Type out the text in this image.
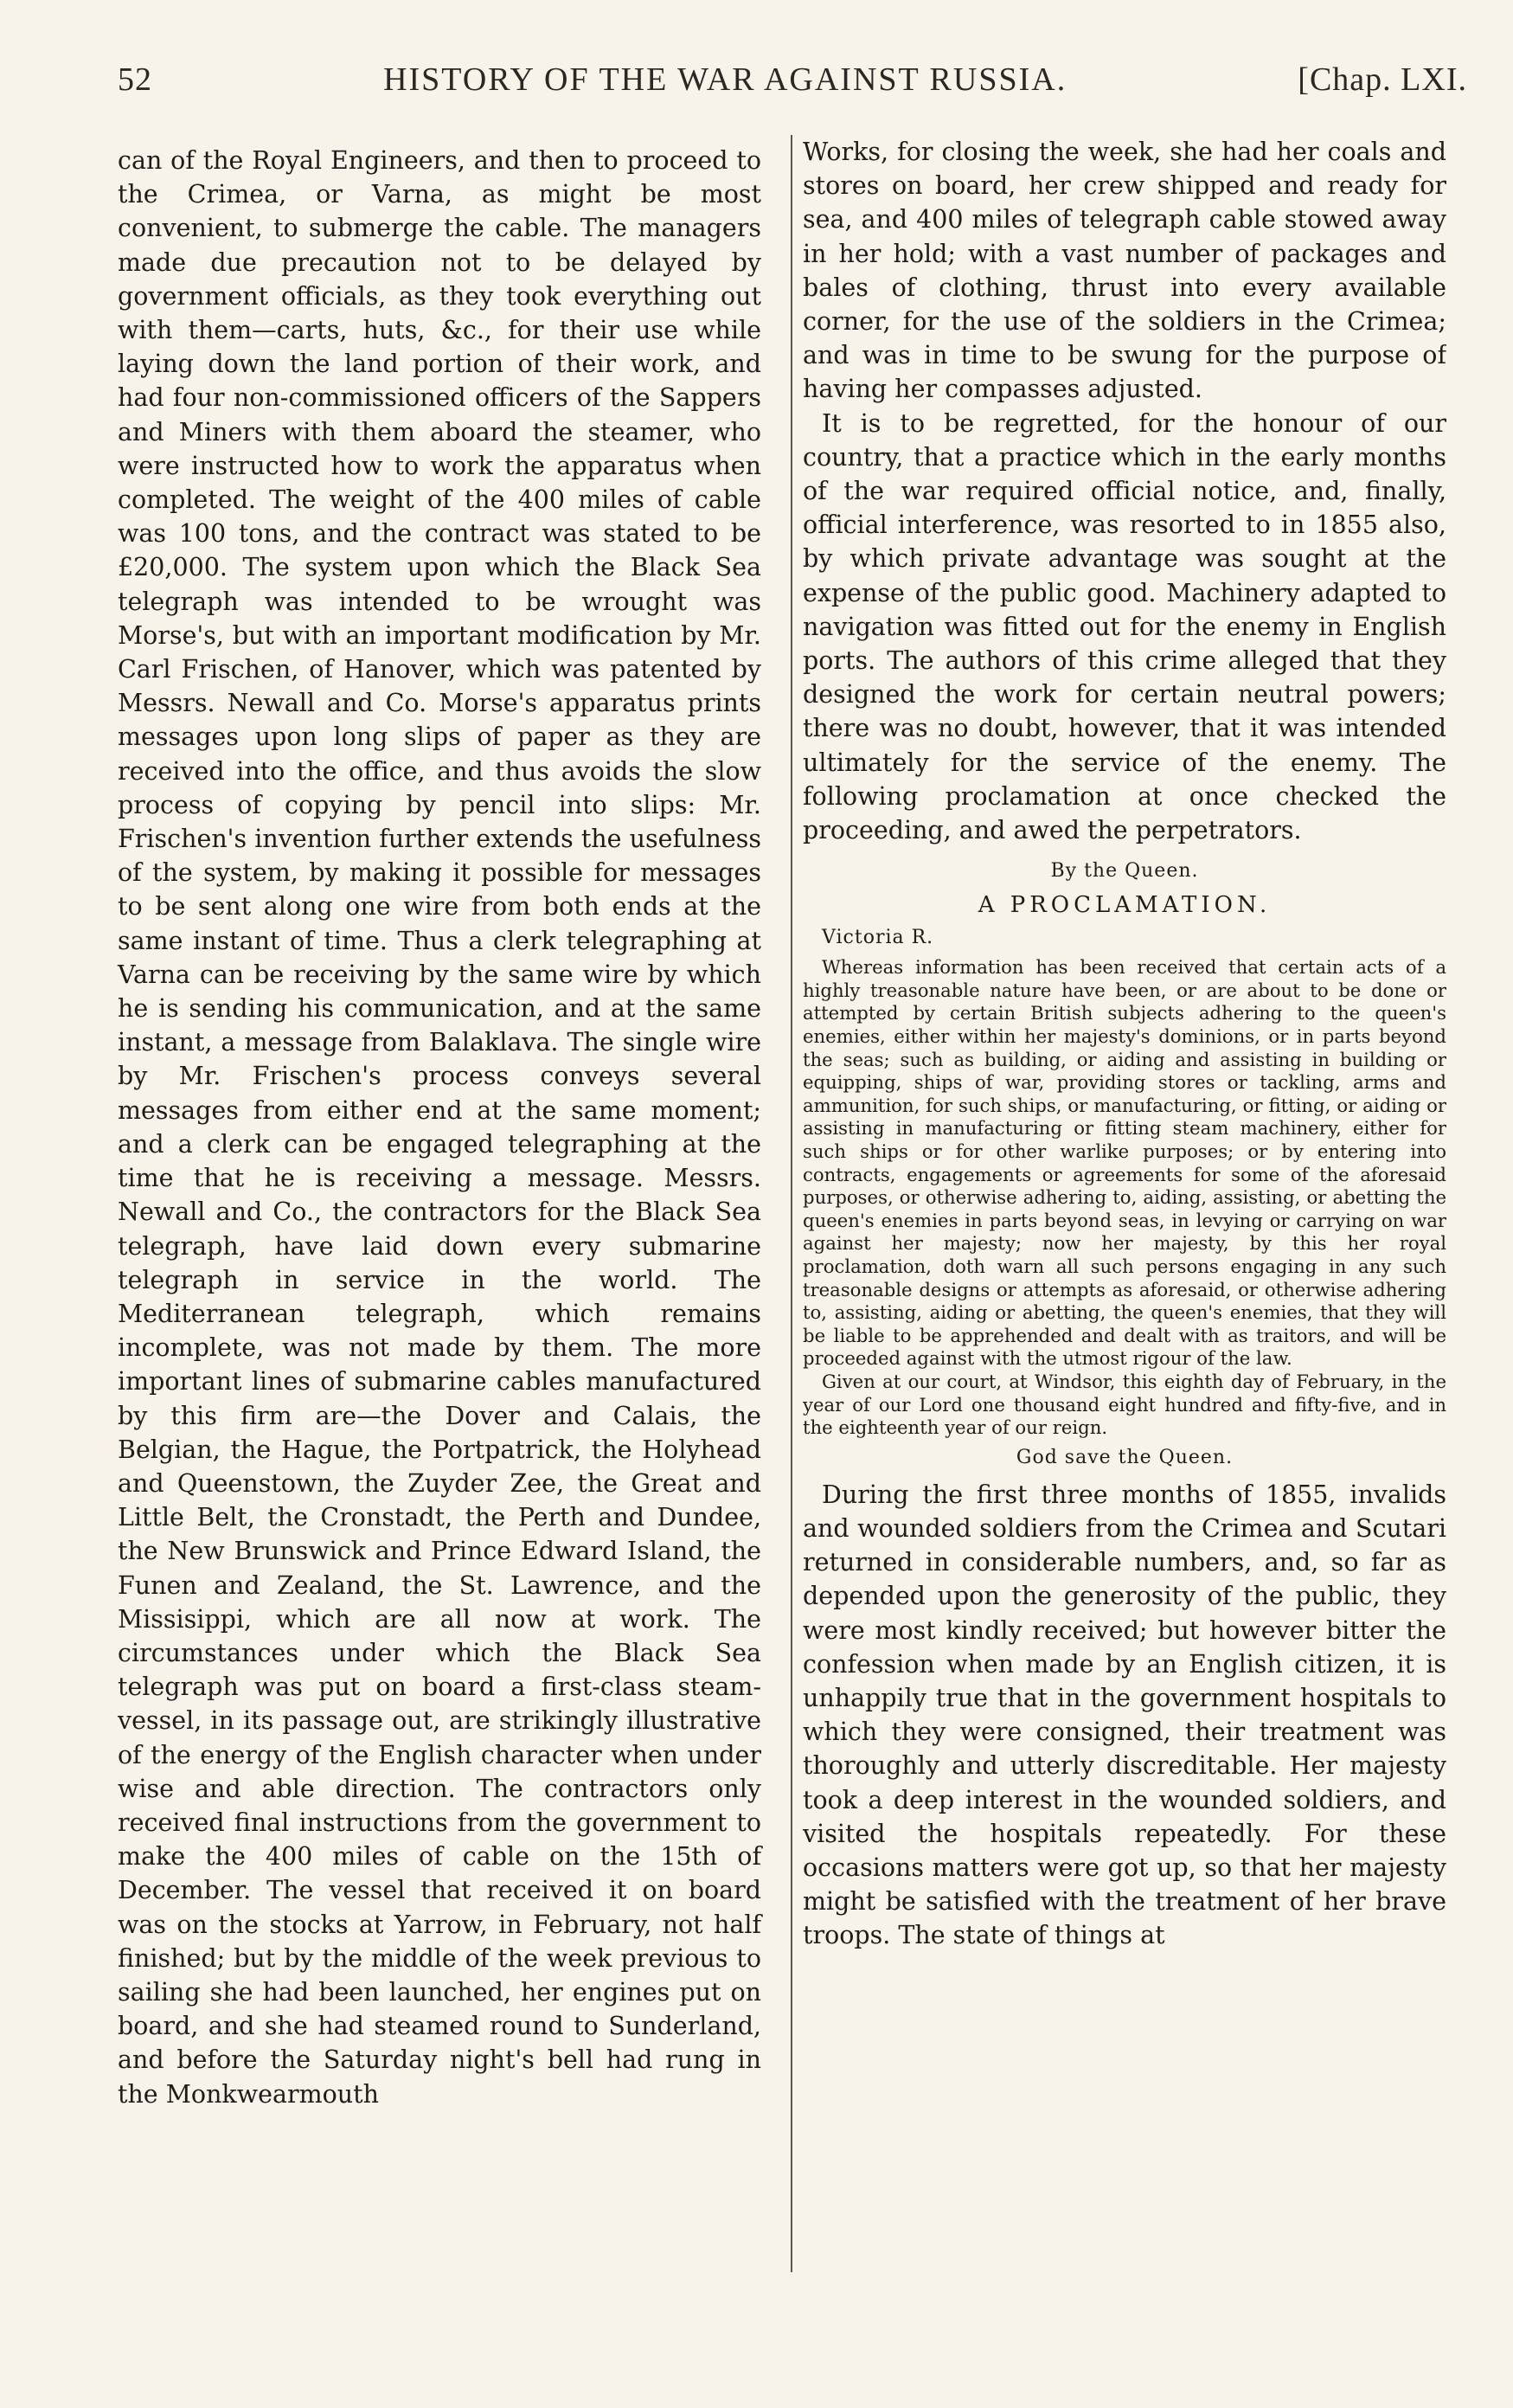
52	HISTORY OF THE WAR AGAINST RUSSIA.	[Chap. LXI.

can of the Royal Engineers, and then to proceed to the Crimea, or Varna, as might be most convenient, to submerge the cable. The managers made due precaution not to be delayed by government officials, as they took everything out with them—carts, huts, &c., for their use while laying down the land portion of their work, and had four non-commissioned officers of the Sappers and Miners with them aboard the steamer, who were instructed how to work the apparatus when completed. The weight of the 400 miles of cable was 100 tons, and the contract was stated to be £20,000. The system upon which the Black Sea telegraph was intended to be wrought was Morse's, but with an important modification by Mr. Carl Frischen, of Hanover, which was patented by Messrs. Newall and Co. Morse's apparatus prints messages upon long slips of paper as they are received into the office, and thus avoids the slow process of copying by pencil into slips: Mr. Frischen's invention further extends the usefulness of the system, by making it possible for messages to be sent along one wire from both ends at the same instant of time. Thus a clerk telegraphing at Varna can be receiving by the same wire by which he is sending his communication, and at the same instant, a message from Balaklava. The single wire by Mr. Frischen's process conveys several messages from either end at the same moment; and a clerk can be engaged telegraphing at the time that he is receiving a message. Messrs. Newall and Co., the contractors for the Black Sea telegraph, have laid down every submarine telegraph in service in the world. The Mediterranean telegraph, which remains incomplete, was not made by them. The more important lines of submarine cables manufactured by this firm are—the Dover and Calais, the Belgian, the Hague, the Portpatrick, the Holyhead and Queenstown, the Zuyder Zee, the Great and Little Belt, the Cronstadt, the Perth and Dundee, the New Brunswick and Prince Edward Island, the Funen and Zealand, the St. Lawrence, and the Missisippi, which are all now at work. The circumstances under which the Black Sea telegraph was put on board a first-class steam-vessel, in its passage out, are strikingly illustrative of the energy of the English character when under wise and able direction. The contractors only received final instructions from the government to make the 400 miles of cable on the 15th of December. The vessel that received it on board was on the stocks at Yarrow, in February, not half finished; but by the middle of the week previous to sailing she had been launched, her engines put on board, and she had steamed round to Sunderland, and before the Saturday night's bell had rung in the Monkwearmouth

Works, for closing the week, she had her coals and stores on board, her crew shipped and ready for sea, and 400 miles of telegraph cable stowed away in her hold; with a vast number of packages and bales of clothing, thrust into every available corner, for the use of the soldiers in the Crimea; and was in time to be swung for the purpose of having her compasses adjusted.

It is to be regretted, for the honour of our country, that a practice which in the early months of the war required official notice, and, finally, official interference, was resorted to in 1855 also, by which private advantage was sought at the expense of the public good. Machinery adapted to navigation was fitted out for the enemy in English ports. The authors of this crime alleged that they designed the work for certain neutral powers; there was no doubt, however, that it was intended ultimately for the service of the enemy. The following proclamation at once checked the proceeding, and awed the perpetrators.

By the Queen.
A PROCLAMATION.
Victoria R.

Whereas information has been received that certain acts of a highly treasonable nature have been, or are about to be done or attempted by certain British subjects adhering to the queen's enemies, either within her majesty's dominions, or in parts beyond the seas; such as building, or aiding and assisting in building or equipping, ships of war, providing stores or tackling, arms and ammunition, for such ships, or manufacturing, or fitting, or aiding or assisting in manufacturing or fitting steam machinery, either for such ships or for other warlike purposes; or by entering into contracts, engagements or agreements for some of the aforesaid purposes, or otherwise adhering to, aiding, assisting, or abetting the queen's enemies in parts beyond seas, in levying or carrying on war against her majesty; now her majesty, by this her royal proclamation, doth warn all such persons engaging in any such treasonable designs or attempts as aforesaid, or otherwise adhering to, assisting, aiding or abetting, the queen's enemies, that they will be liable to be apprehended and dealt with as traitors, and will be proceeded against with the utmost rigour of the law.

Given at our court, at Windsor, this eighth day of February, in the year of our Lord one thousand eight hundred and fifty-five, and in the eighteenth year of our reign.

God save the Queen.

During the first three months of 1855, invalids and wounded soldiers from the Crimea and Scutari returned in considerable numbers, and, so far as depended upon the generosity of the public, they were most kindly received; but however bitter the confession when made by an English citizen, it is unhappily true that in the government hospitals to which they were consigned, their treatment was thoroughly and utterly discreditable. Her majesty took a deep interest in the wounded soldiers, and visited the hospitals repeatedly. For these occasions matters were got up, so that her majesty might be satisfied with the treatment of her brave troops. The state of things at
